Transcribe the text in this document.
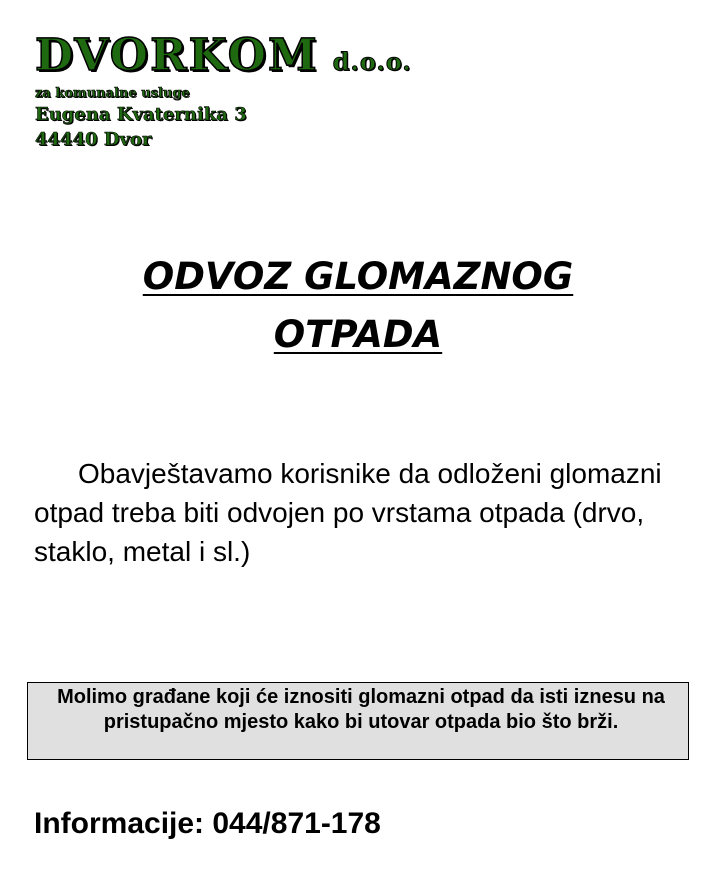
DVORKOM d.o.o.
za komunalne usluge
Eugena Kvaternika 3
44440 Dvor
ODVOZ GLOMAZNOG
OTPADA
Obavještavamo korisnike da odloženi glomazni otpad treba biti odvojen po vrstama otpada (drvo, staklo, metal i sl.)
Molimo građane koji će iznositi glomazni otpad da isti iznesu na pristupačno mjesto kako bi utovar otpada bio što brži.
Informacije: 044/871-178
